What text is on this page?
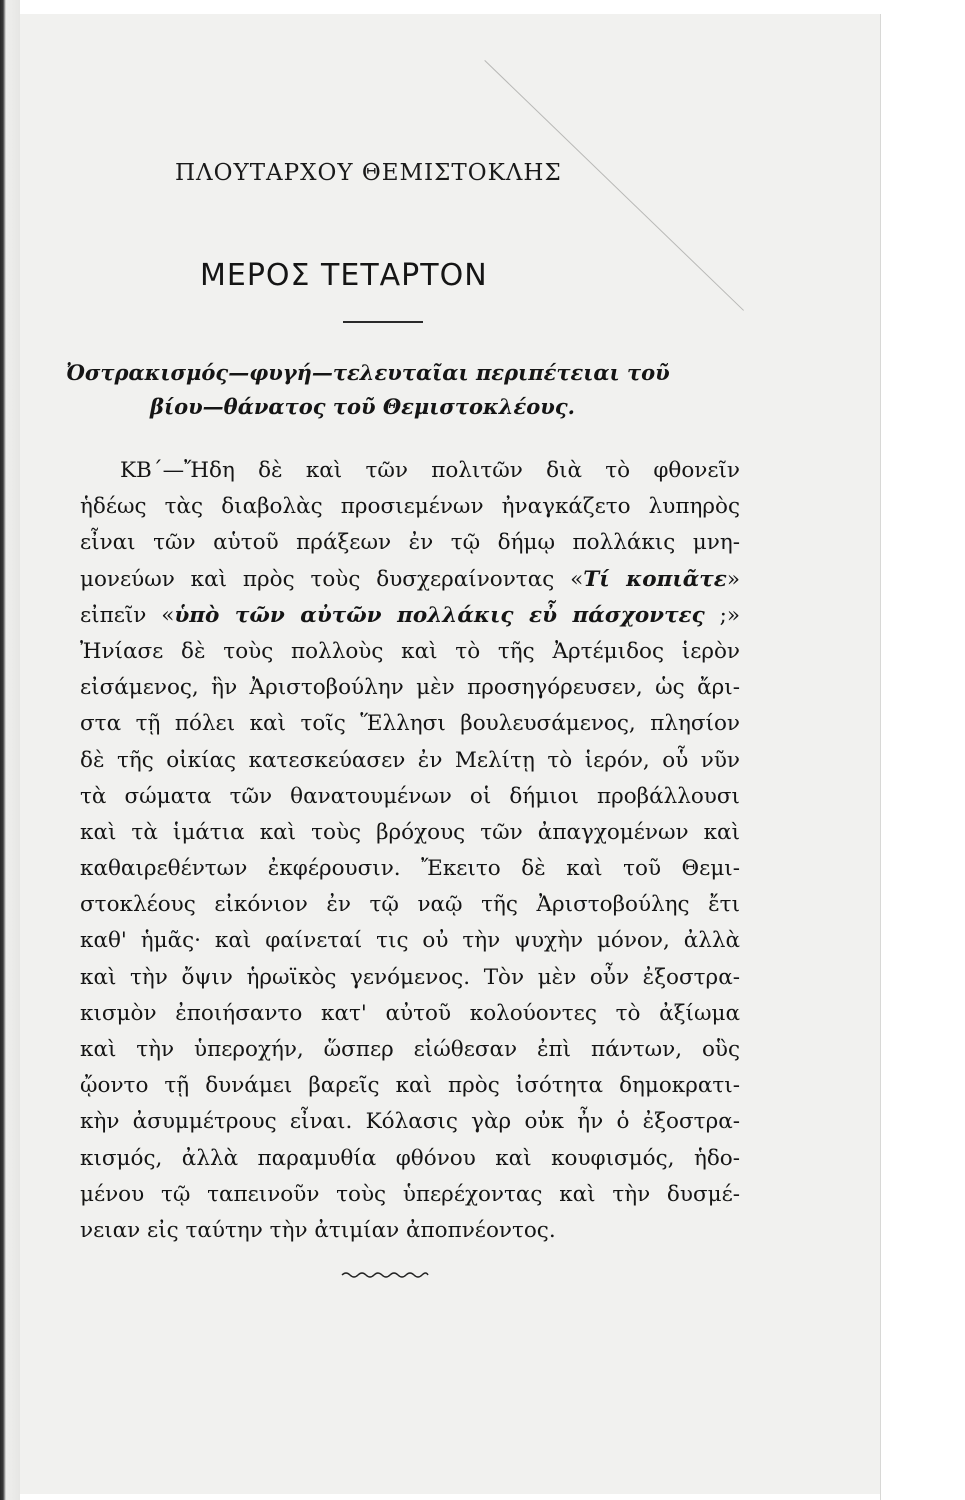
ΠΛΟΥΤΑΡΧΟΥ ΘΕΜΙΣΤΟΚΛΗΣ
ΜΕΡΟΣ ΤΕΤΑΡΤΟΝ
Ὀστρακισμός—φυγή—τελευταῖαι περιπέτειαι τοῦ
βίου—θάνατος τοῦ Θεμιστοκλέους.
ΚΒ΄—Ἤδη δὲ καὶ τῶν πολιτῶν διὰ τὸ φθονεῖν
ἡδέως τὰς διαβολὰς προσιεμένων ἠναγκάζετο λυπηρὸς
εἶναι τῶν αὑτοῦ πράξεων ἐν τῷ δήμῳ πολλάκις μνη-
μονεύων καὶ πρὸς τοὺς δυσχεραίνοντας «Τί κοπιᾶτε»
εἰπεῖν «ὑπὸ τῶν αὐτῶν πολλάκις εὖ πάσχοντες ;»
Ἠνίασε δὲ τοὺς πολλοὺς καὶ τὸ τῆς Ἀρτέμιδος ἱερὸν
εἰσάμενος, ἣν Ἀριστοβούλην μὲν προσηγόρευσεν, ὡς ἄρι-
στα τῇ πόλει καὶ τοῖς Ἕλλησι βουλευσάμενος, πλησίον
δὲ τῆς οἰκίας κατεσκεύασεν ἐν Μελίτῃ τὸ ἱερόν, οὗ νῦν
τὰ σώματα τῶν θανατουμένων οἱ δήμιοι προβάλλουσι
καὶ τὰ ἱμάτια καὶ τοὺς βρόχους τῶν ἀπαγχομένων καὶ
καθαιρεθέντων ἐκφέρουσιν. Ἔκειτο δὲ καὶ τοῦ Θεμι-
στοκλέους εἰκόνιον ἐν τῷ ναῷ τῆς Ἀριστοβούλης ἔτι
καθ' ἡμᾶς· καὶ φαίνεταί τις οὐ τὴν ψυχὴν μόνον, ἀλλὰ
καὶ τὴν ὄψιν ἡρωϊκὸς γενόμενος. Τὸν μὲν οὖν ἐξοστρα-
κισμὸν ἐποιήσαντο κατ' αὐτοῦ κολούοντες τὸ ἀξίωμα
καὶ τὴν ὑπεροχήν, ὥσπερ εἰώθεσαν ἐπὶ πάντων, οὓς
ᾤοντο τῇ δυνάμει βαρεῖς καὶ πρὸς ἰσότητα δημοκρατι-
κὴν ἀσυμμέτρους εἶναι. Κόλασις γὰρ οὐκ ἦν ὁ ἐξοστρα-
κισμός, ἀλλὰ παραμυθία φθόνου καὶ κουφισμός, ἡδο-
μένου τῷ ταπεινοῦν τοὺς ὑπερέχοντας καὶ τὴν δυσμέ-
νειαν εἰς ταύτην τὴν ἀτιμίαν ἀποπνέοντος.
